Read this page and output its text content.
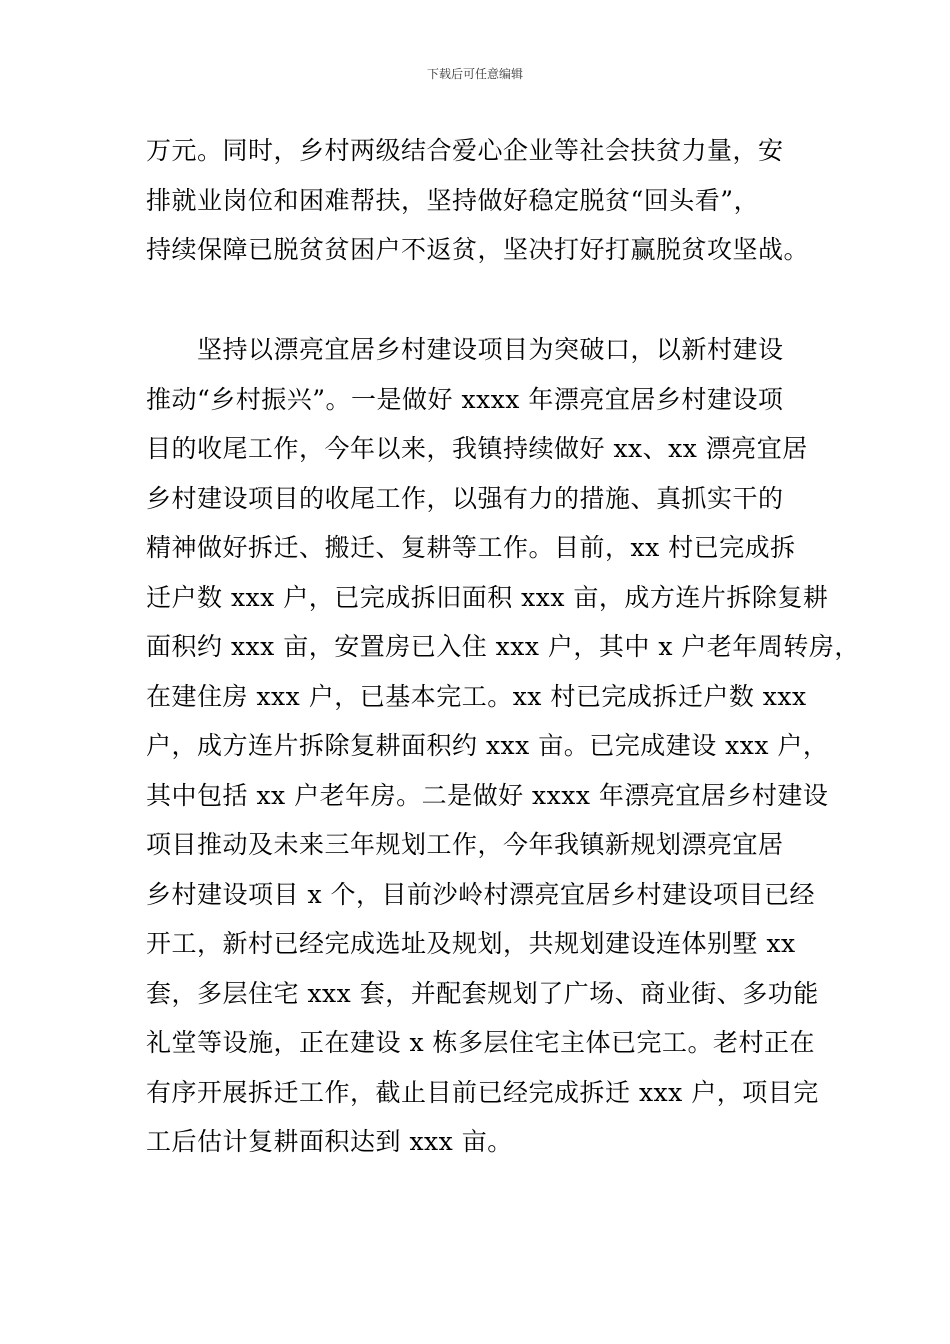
下载后可任意编辑
万元。同时，乡村两级结合爱心企业等社会扶贫力量，安
排就业岗位和困难帮扶，坚持做好稳定脱贫“回头看”，
持续保障已脱贫贫困户不返贫，坚决打好打赢脱贫攻坚战。
　　坚持以漂亮宜居乡村建设项目为突破口，以新村建设
推动“乡村振兴”。一是做好 xxxx 年漂亮宜居乡村建设项
目的收尾工作，今年以来，我镇持续做好 xx、xx 漂亮宜居
乡村建设项目的收尾工作，以强有力的措施、真抓实干的
精神做好拆迁、搬迁、复耕等工作。目前，xx 村已完成拆
迁户数 xxx 户，已完成拆旧面积 xxx 亩，成方连片拆除复耕
面积约 xxx 亩，安置房已入住 xxx 户，其中 x 户老年周转房，
在建住房 xxx 户，已基本完工。xx 村已完成拆迁户数 xxx
户，成方连片拆除复耕面积约 xxx 亩。已完成建设 xxx 户，
其中包括 xx 户老年房。二是做好 xxxx 年漂亮宜居乡村建设
项目推动及未来三年规划工作，今年我镇新规划漂亮宜居
乡村建设项目 x 个，目前沙岭村漂亮宜居乡村建设项目已经
开工，新村已经完成选址及规划，共规划建设连体别墅 xx
套，多层住宅 xxx 套，并配套规划了广场、商业街、多功能
礼堂等设施，正在建设 x 栋多层住宅主体已完工。老村正在
有序开展拆迁工作，截止目前已经完成拆迁 xxx 户，项目完
工后估计复耕面积达到 xxx 亩。
